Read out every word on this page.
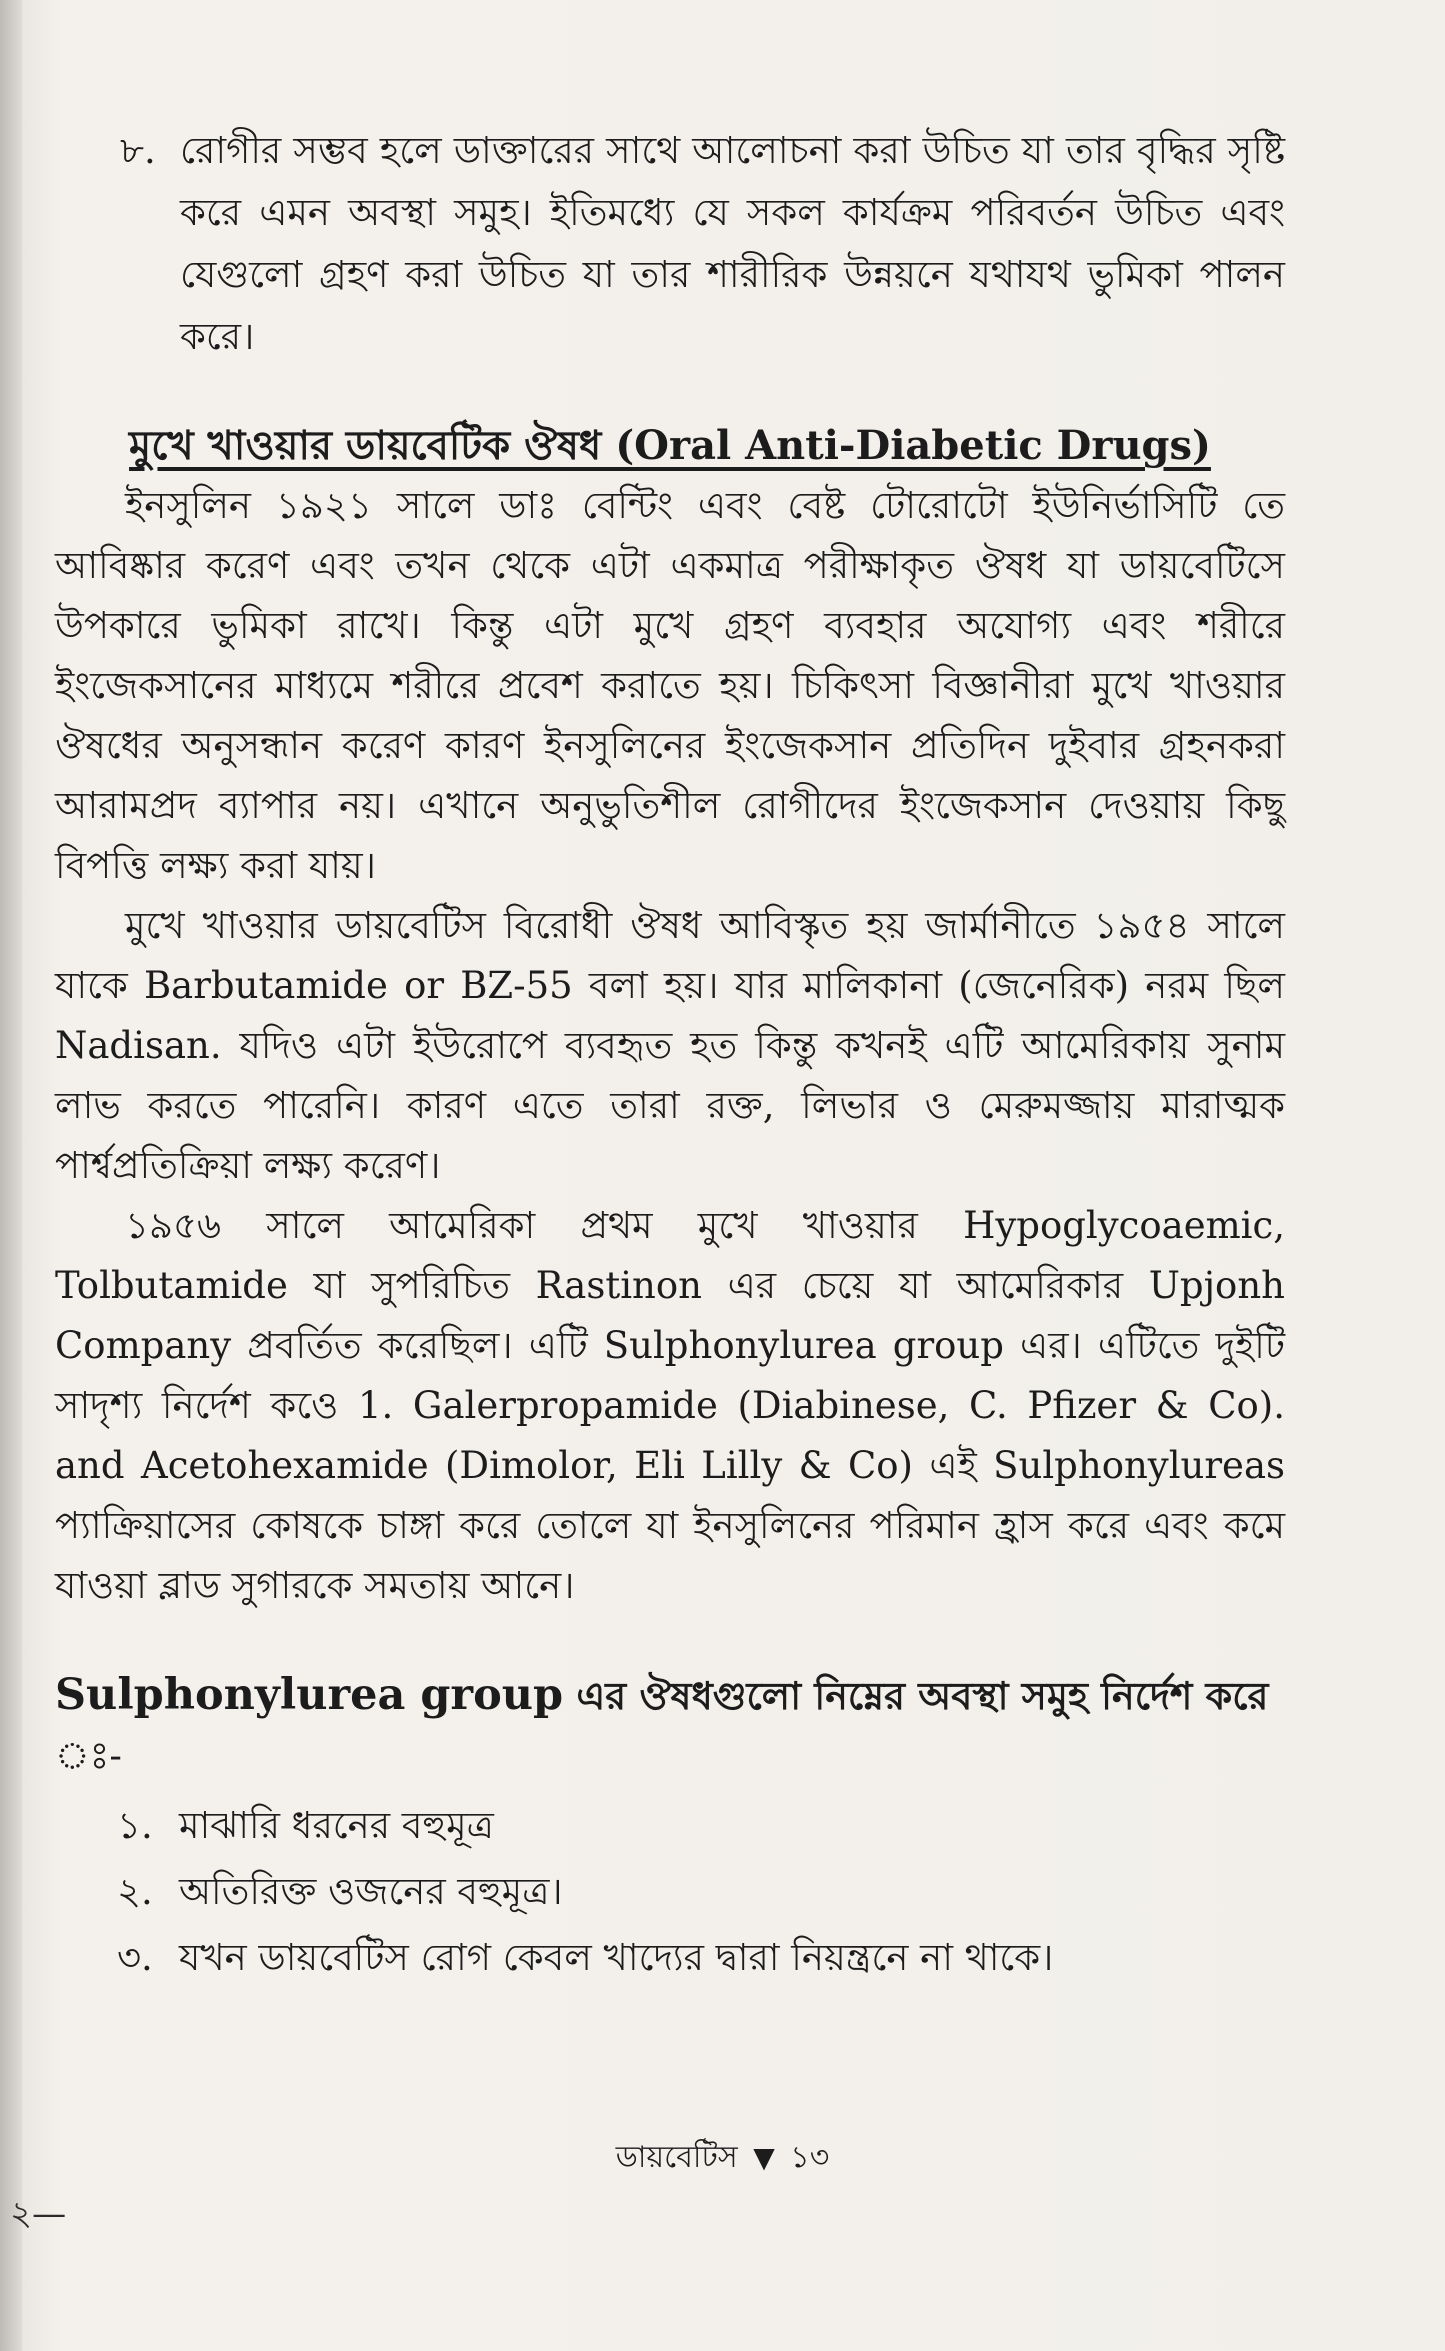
৮. রোগীর সম্ভব হলে ডাক্তারের সাথে আলোচনা করা উচিত যা তার বৃদ্ধির সৃষ্টি করে এমন অবস্থা সমুহ। ইতিমধ্যে যে সকল কার্যক্রম পরিবর্তন উচিত এবং যেগুলো গ্রহণ করা উচিত যা তার শারীরিক উন্নয়নে যথাযথ ভুমিকা পালন করে।
মুখে খাওয়ার ডায়বেটিক ঔষধ (Oral Anti-Diabetic Drugs)

ইনসুলিন ১৯২১ সালে ডাঃ বেন্টিং এবং বেষ্ট টোরোটো ইউনির্ভাসিটি তে আবিষ্কার করেণ এবং তখন থেকে এটা একমাত্র পরীক্ষাকৃত ঔষধ যা ডায়বেটিসে উপকারে ভুমিকা রাখে। কিন্তু এটা মুখে গ্রহণ ব্যবহার অযোগ্য এবং শরীরে ইংজেকসানের মাধ্যমে শরীরে প্রবেশ করাতে হয়। চিকিৎসা বিজ্ঞানীরা মুখে খাওয়ার ঔষধের অনুসন্ধান করেণ কারণ ইনসুলিনের ইংজেকসান প্রতিদিন দুইবার গ্রহনকরা আরামপ্রদ ব্যাপার নয়। এখানে অনুভুতিশীল রোগীদের ইংজেকসান দেওয়ায় কিছু বিপত্তি লক্ষ্য করা যায়।

মুখে খাওয়ার ডায়বেটিস বিরোধী ঔষধ আবিস্কৃত হয় জার্মানীতে ১৯৫৪ সালে যাকে Barbutamide or BZ-55 বলা হয়। যার মালিকানা (জেনেরিক) নরম ছিল Nadisan. যদিও এটা ইউরোপে ব্যবহৃত হত কিন্তু কখনই এটি আমেরিকায় সুনাম লাভ করতে পারেনি। কারণ এতে তারা রক্ত, লিভার ও মেরুমজ্জায় মারাত্মক পার্শ্বপ্রতিক্রিয়া লক্ষ্য করেণ।

১৯৫৬ সালে আমেরিকা প্রথম মুখে খাওয়ার Hypoglycoaemic, Tolbutamide যা সুপরিচিত Rastinon এর চেয়ে যা আমেরিকার Upjonh Company প্রবর্তিত করেছিল। এটি Sulphonylurea group এর। এটিতে দুইটি সাদৃশ্য নির্দেশ কওে 1. Galerpropamide (Diabinese, C. Pfizer & Co). and Acetohexamide (Dimolor, Eli Lilly & Co) এই Sulphonylureas প্যাক্রিয়াসের কোষকে চাঙ্গা করে তোলে যা ইনসুলিনের পরিমান হ্রাস করে এবং কমে যাওয়া ব্লাড সুগারকে সমতায় আনে।

Sulphonylurea group এর ঔষধগুলো নিম্নের অবস্থা সমুহ নির্দেশ করে
ঃ-
১. মাঝারি ধরনের বহুমূত্র
২. অতিরিক্ত ওজনের বহুমূত্র।
৩. যখন ডায়বেটিস রোগ কেবল খাদ্যের দ্বারা নিয়ন্ত্রনে না থাকে।
ডায়বেটিস ▼ ১৩
২—
